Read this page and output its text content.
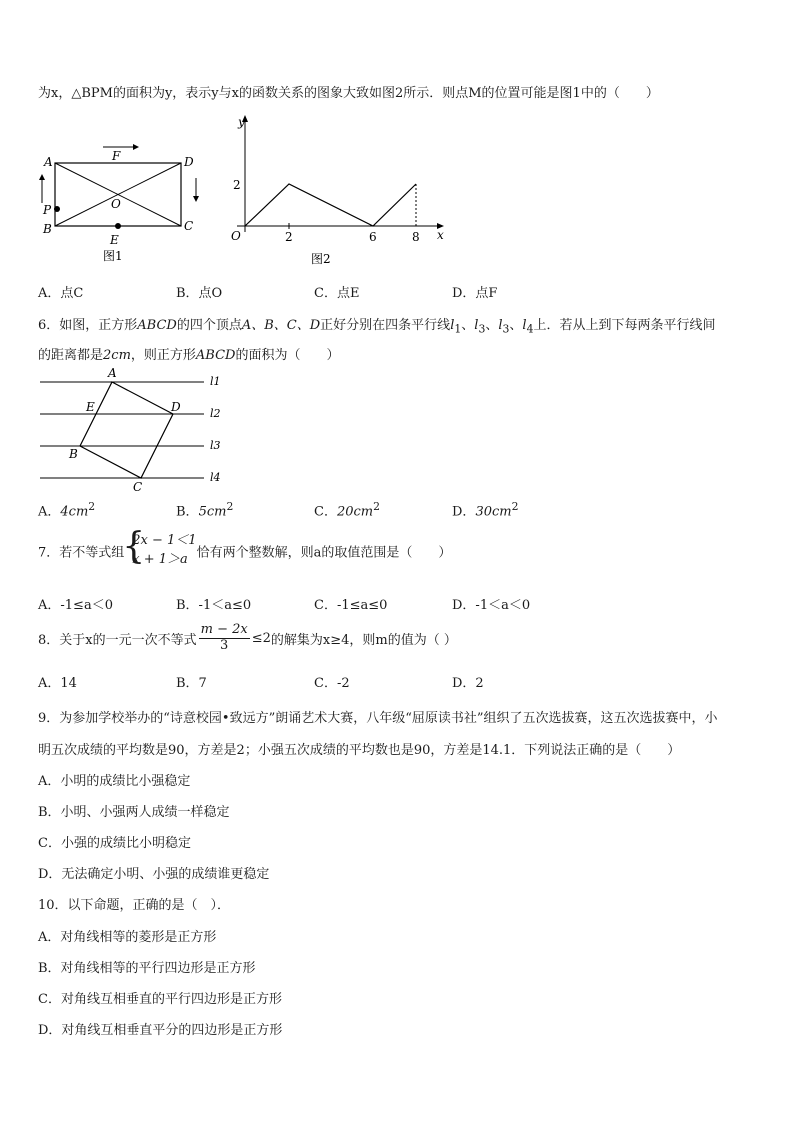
为x，△BPM的面积为y，表示y与x的函数关系的图象大致如图2所示．则点M的位置可能是图1中的（　　）
A	D
B	C
F
O
P
E
图1
y
x
O
2
2	6	8
图2
A．点C	B．点O	C．点E	D．点F
6．如图，正方形ABCD的四个顶点A、B、C、D正好分别在四条平行线$l_1$、$l_3$、$l_3$、$l_4$上．若从上到下每两条平行线间
的距离都是2cm，则正方形ABCD的面积为（　　）
A
D
B
C
E
l1
l2
l3
l4
A．$4cm^2$	B．$5cm^2$	C．$20cm^2$	D．$30cm^2$
7．若不等式组
{
2x − 1＜1
x + 1＞a 恰有两个整数解，则a的取值范围是（　　）
A．-1≤a＜0	B．-1＜a≤0	C．-1≤a≤0	D．-1＜a＜0
8．关于x的一元一次不等式 $\frac{m - 2x}{3} \le 2$的解集为x≥4，则m的值为（ ）
A．14	B．7	C．-2	D．2
9．为参加学校举办的“诗意校园•致远方”朗诵艺术大赛，八年级“屈原读书社”组织了五次选拔赛，这五次选拔赛中，小
明五次成绩的平均数是90，方差是2；小强五次成绩的平均数也是90，方差是14.1．下列说法正确的是（　　）
A．小明的成绩比小强稳定
B．小明、小强两人成绩一样稳定
C．小强的成绩比小明稳定
D．无法确定小明、小强的成绩谁更稳定
10．以下命题，正确的是（　）．
A．对角线相等的菱形是正方形
B．对角线相等的平行四边形是正方形
C．对角线互相垂直的平行四边形是正方形
D．对角线互相垂直平分的四边形是正方形
